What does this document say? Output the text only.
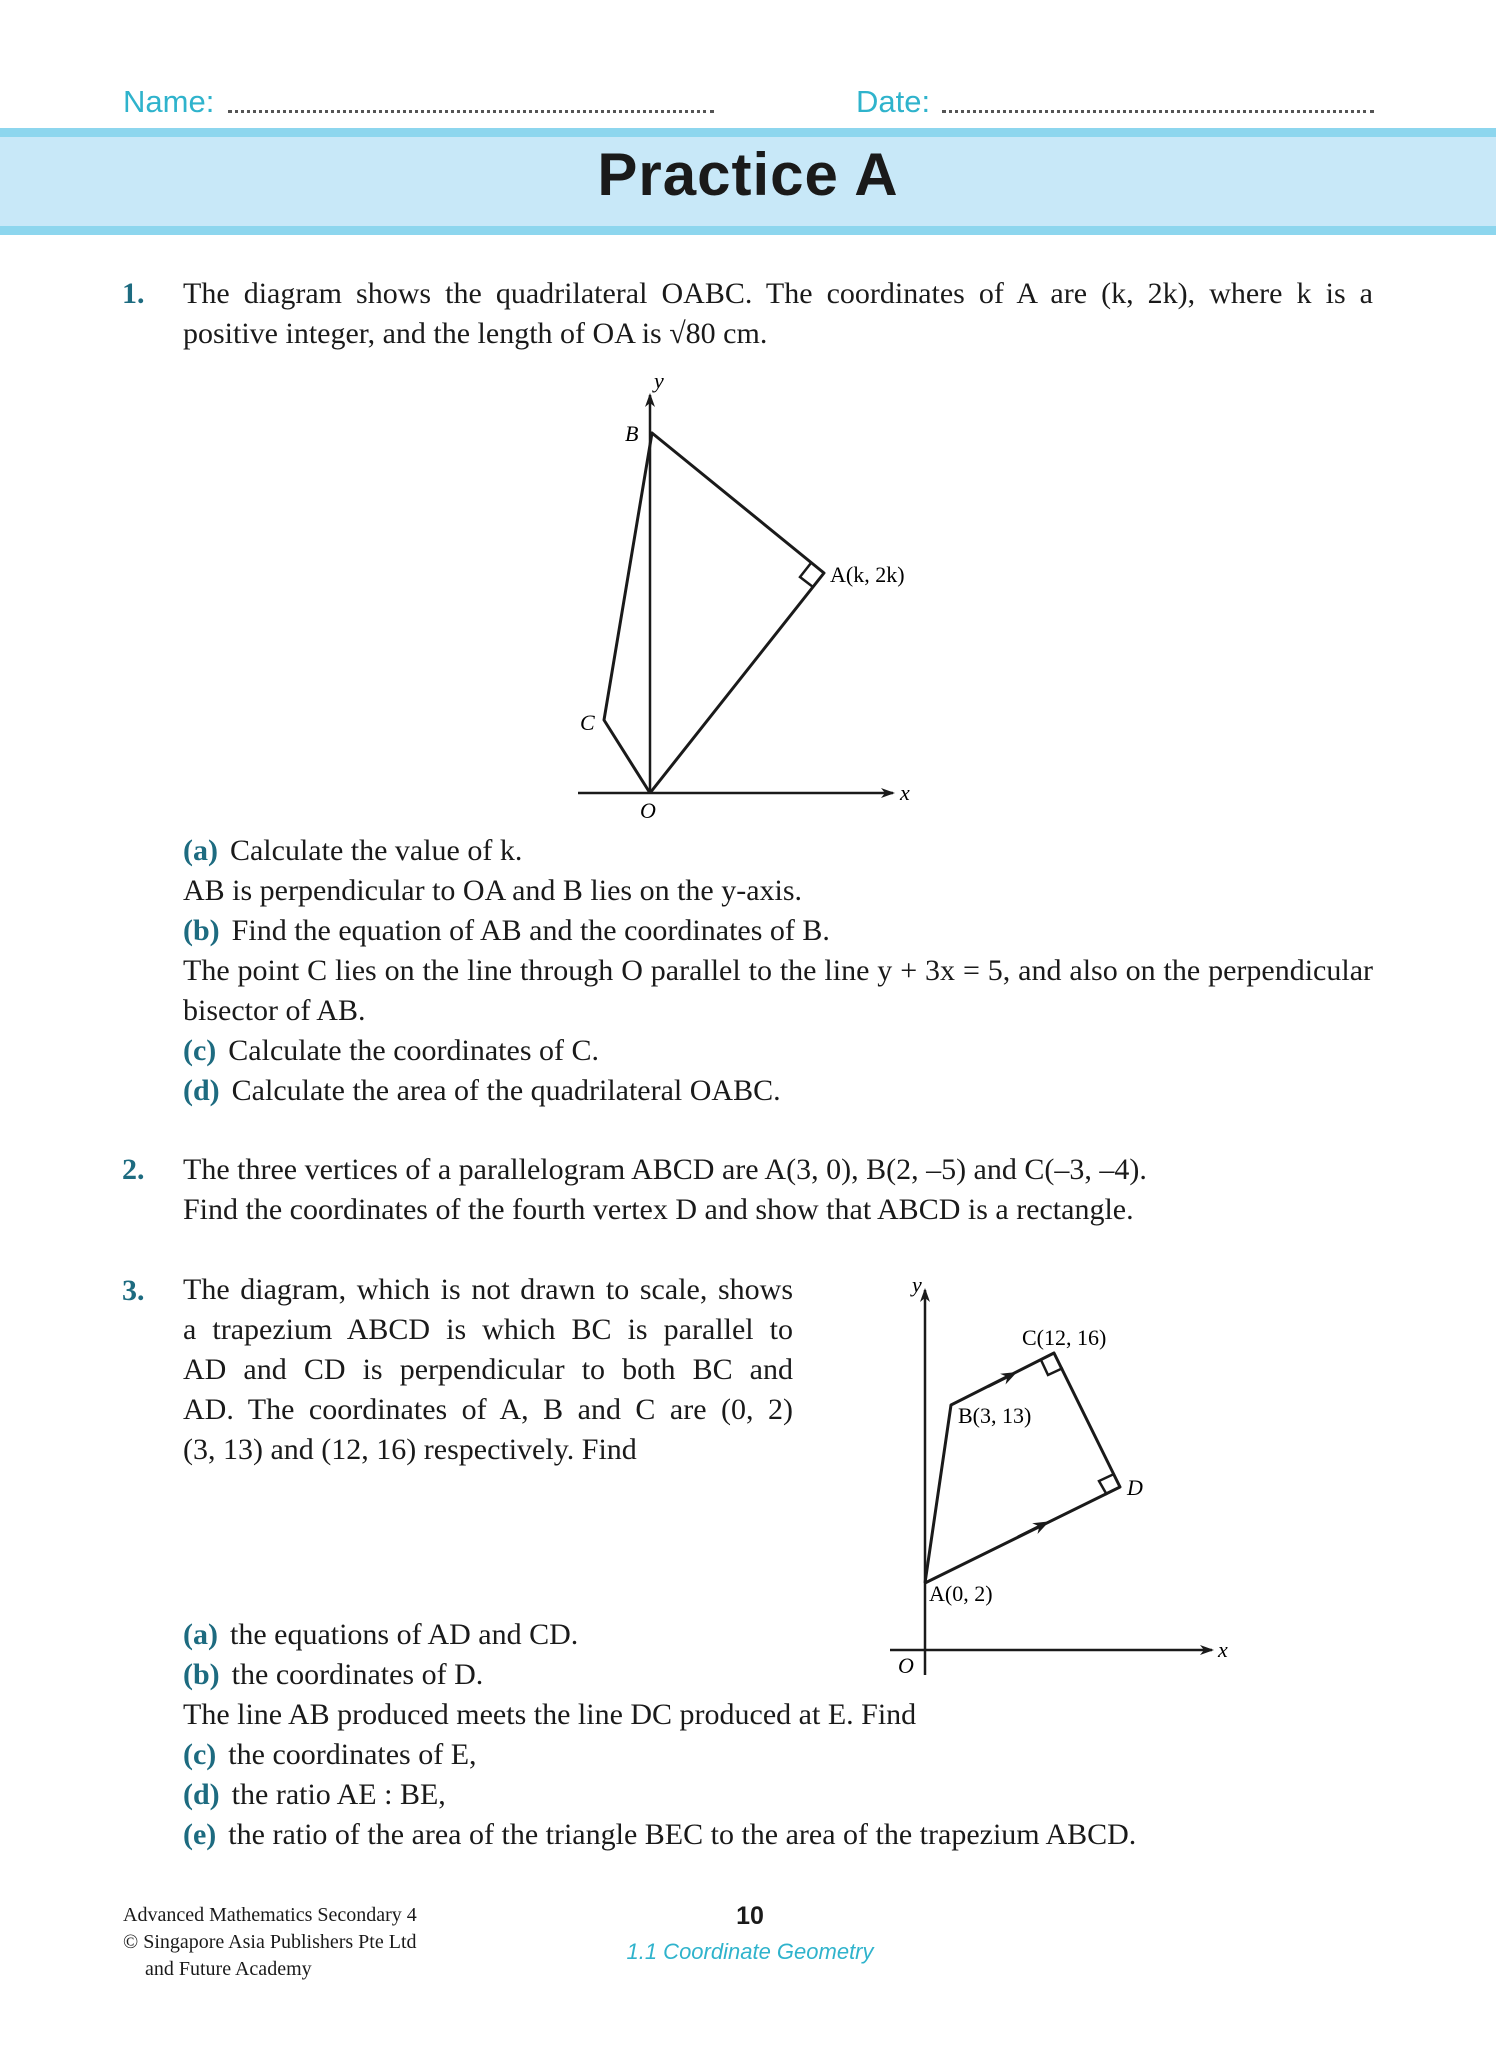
Name:	Date:
Practice A
1. The diagram shows the quadrilateral OABC. The coordinates of A are (k, 2k), where k is a
positive integer, and the length of OA is √80 cm.
y
B
A(k, 2k)
C
O
x
(a) Calculate the value of k.
AB is perpendicular to OA and B lies on the y-axis.
(b) Find the equation of AB and the coordinates of B.
The point C lies on the line through O parallel to the line y + 3x = 5, and also on the perpendicular bisector of AB.
(c) Calculate the coordinates of C.
(d) Calculate the area of the quadrilateral OABC.
2. The three vertices of a parallelogram ABCD are A(3, 0), B(2, –5) and C(–3, –4).
Find the coordinates of the fourth vertex D and show that ABCD is a rectangle.
3. The diagram, which is not drawn to scale, shows
a trapezium ABCD is which BC is parallel to
AD and CD is perpendicular to both BC and
AD. The coordinates of A, B and C are (0, 2)
(3, 13) and (12, 16) respectively. Find
y
C(12, 16)
B(3, 13)
D
A(0, 2)
O
x
(a) the equations of AD and CD.
(b) the coordinates of D.
The line AB produced meets the line DC produced at E. Find
(c) the coordinates of E,
(d) the ratio AE : BE,
(e) the ratio of the area of the triangle BEC to the area of the trapezium ABCD.
Advanced Mathematics Secondary 4
© Singapore Asia Publishers Pte Ltd
and Future Academy
10
1.1 Coordinate Geometry
